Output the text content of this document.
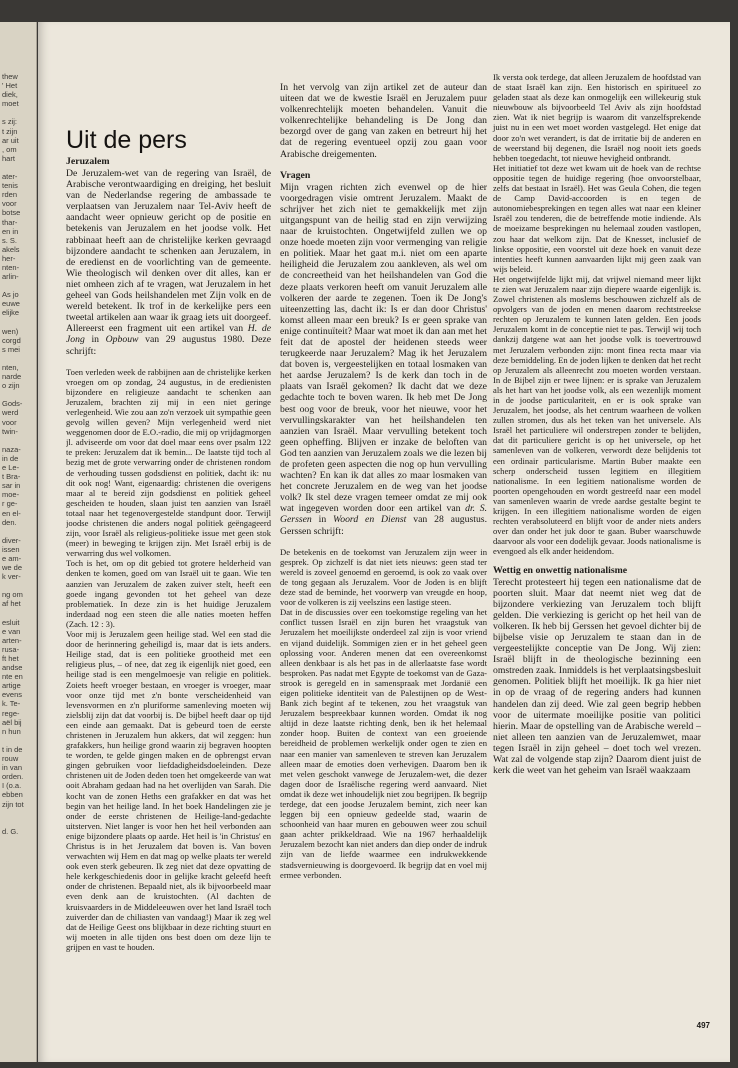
thew
' Het
diek,
moet

s zij:
t zijn
ar uit
, om
hart

ater-
tenis
rden
voor
botse
thar-
en in
s. S.
akels
her-
nten-
arlin-

As jo
euwe
elijke

wen)
corgd
s mei

nten,
narde
o zijn

Gods-
werd
voor
twin-

naza-
in de
e Le-
t Bra-
sar in
moe-
r ge-
en el-
den.

diver-
issen
e am-
we de
k ver-

ng om
af het

esluit
e van
arten-
rusa-
ft het
andse
nte en
artige
evens
k. Te-
rege-
aël bij
n hun

t in de
rouw
in van
orden.
I (o.a.
ebben
zijn tot

d. G.
Uit de pers
Jeruzalem

De Jeruzalem-wet van de regering van Israël, de Arabische verontwaardiging en dreiging, het besluit van de Nederlandse regering de ambassade te verplaatsen van Jeruzalem naar Tel-Aviv heeft de aandacht weer opnieuw gericht op de positie en betekenis van Jeruzalem en het joodse volk. Het rabbinaat heeft aan de christelijke kerken gevraagd bijzondere aandacht te schenken aan Jeruzalem, in de eredienst en de voorlichting van de gemeente. Wie theologisch wil denken over dit alles, kan er niet omheen zich af te vragen, wat Jeruzalem in het geheel van Gods heilshandelen met Zijn volk en de wereld betekent. Ik trof in de kerkelijke pers een tweetal artikelen aan waar ik graag iets uit doorgeef. Allereerst een fragment uit een artikel van H. de Jong in Opbouw van 29 augustus 1980. Deze schrijft:

Toen verleden week de rabbijnen aan de christelijke kerken vroegen om op zondag, 24 augustus, in de eredienisten bijzondere en religieuze aandacht te schenken aan Jeruzalem, brachten zij mij in een niet geringe verlegenheid. Wie zou aan zo'n verzoek uit sympathie geen gevolg willen geven? Mijn verlegenheid werd niet weggenomen door de E.O.-radio, die mij op vrijdagmorgen jl. adviseerde om voor dat doel maar eens over psalm 122 te preken: Jeruzalem dat ik bemin... De laatste tijd toch al bezig met de grote verwarring onder de christenen rondom de verhouding tussen godsdienst en politiek, dacht ik: nu dit ook nog! Want, eigenaardig: christenen die overigens maar al te bereid zijn godsdienst en politiek geheel gescheiden te houden, slaan juist ten aanzien van Israël totaal naar het tegenovergestelde standpunt door. Terwijl joodse christenen die anders nogal politiek geëngageerd zijn, voor Israël als religieus-politieke issue met geen stok (meer) in beweging te krijgen zijn. Met Israël erbij is de verwarring dus wel volkomen.

Toch is het, om op dit gebied tot grotere helderheid van denken te komen, goed om van Israël uit te gaan. Wie ten aanzien van Jeruzalem de zaken zuiver stelt, heeft een goede ingang gevonden tot het geheel van deze problematiek. In deze zin is het huidige Jeruzalem inderdaad nog een steen die alle naties moeten heffen (Zach. 12 : 3).

Voor mij is Jeruzalem geen heilige stad. Wel een stad die door de herinnering geheiligd is, maar dat is iets anders. Heilige stad, dat is een politieke grootheid met een religieus plus, – of nee, dat zeg ik eigenlijk niet goed, een heilige stad is een mengelmoesje van religie en politiek. Zoiets heeft vroeger bestaan, en vroeger is vroeger, maar voor onze tijd met z'n bonte verscheidenheid van levensvormen en z'n pluriforme samenleving moeten wij zielsblij zijn dat dat voorbij is. De bijbel heeft daar op tijd een einde aan gemaakt. Dat is gebeurd toen de eerste christenen in Jeruzalem hun akkers, dat wil zeggen: hun grafakkers, hun heilige grond waarin zij begraven hoopten te worden, te gelde gingen maken en de opbrengst ervan gingen gebruiken voor liefdadigheidsdoeleinden. Deze christenen uit de Joden deden toen het omgekeerde van wat ooit Abraham gedaan had na het overlijden van Sarah. Die kocht van de zonen Heths een grafakker en dat was het begin van het heilige land. In het boek Handelingen zie je onder de eerste christenen de Heilige-land-gedachte uitsterven. Niet langer is voor hen het heil verbonden aan enige bijzondere plaats op aarde. Het heil is 'in Christus' en Christus is in het Jeruzalem dat boven is. Van boven verwachten wij Hem en dat mag op welke plaats ter wereld ook even sterk gebeuren. Ik zeg niet dat deze opvatting de hele kerkgeschiedenis door in gelijke kracht geleefd heeft onder de christenen. Bepaald niet, als ik bijvoorbeeld maar even denk aan de kruistochten. (Al dachten de kruisvaarders in de Middeleeuwen over het land Israël toch zuiverder dan de chiliasten van vandaag!) Maar ik zeg wel dat de Heilige Geest ons blijkbaar in deze richting stuurt en wij moeten in alle tijden ons best doen om deze lijn te grijpen en vast te houden.

Ik versta ook terdege, dat alleen Jeruzalem de hoofdstad van de staat Israël kan zijn. Een historisch en spiritueel zo geladen staat als deze kan onmogelijk een willekeurig stuk nieuwbouw als bijvoorbeeld Tel Aviv als zijn hoofdstad zien. Wat ik niet begrijp is waarom dit vanzelfsprekende juist nu in een wet moet worden vastgelegd. Het enige dat door zo'n wet verandert, is dat de irritatie bij de anderen en de weerstand bij degenen, die Israël nog nooit iets goeds hebben toegedacht, tot nieuwe hevigheid ontbrandt.

Het initiatief tot deze wet kwam uit de hoek van de rechtse oppositie tegen de huidige regering (hoe onvoorstelbaar, zelfs dat bestaat in Israël). Het was Geula Cohen, die tegen de Camp David-accoorden is en tegen de autonomiebesprekingen en tegen alles wat naar een kleiner Israël zou tenderen, die de betreffende motie indiende. Als de moeizame besprekingen nu helemaal zouden vastlopen, zou haar dat welkom zijn. Dat de Knesset, inclusief de linkse oppositie, een voorstel uit deze hoek en vanuit deze intenties heeft kunnen aanvaarden lijkt mij geen zaak van wijs beleid.

Het ongetwijfelde lijkt mij, dat vrijwel niemand meer lijkt te zien wat Jeruzalem naar zijn diepere waarde eigenlijk is. Zowel christenen als moslems beschouwen zichzelf als de opvolgers van de joden en menen daarom rechtstreekse rechten op Jeruzalem te kunnen laten gelden. Een joods Jeruzalem komt in de conceptie niet te pas. Terwijl wij toch dankzij datgene wat aan het joodse volk is toevertrouwd met Jeruzalem verbonden zijn: mont finea recta maar via deze bemiddeling. En de joden lijken te denken dat het recht op Jeruzalem als alleenrecht zou moeten worden verstaan. In de Bijbel zijn er twee lijnen: er is sprake van Jeruzalem als het hart van het joodse volk, als een wezenlijk moment in de joodse particulariteit, en er is ook sprake van Jeruzalem, het joodse, als het centrum waarheen de volken zullen stromen, dus als het teken van het universele. Als Israël het particuliere wil onderstrepen zonder te belijden, dat dit particuliere gericht is op het universele, op het samenleven van de volkeren, verwordt deze belijdenis tot een ordinair particularisme. Martin Buber maakte een scherp onderscheid tussen legitiem en illegitiem nationalisme. In een legitiem nationalisme worden de poorten opengehouden en wordt gestreefd naar een model van samenleven waarin de vrede aardse gestalte begint te krijgen. In een illegitiem nationalisme worden de eigen rechten verabsoluteerd en blijft voor de ander niets anders over dan onder het juk door te gaan. Buber waarschuwde daarvoor als voor een dodelijk gevaar. Joods nationalisme is evengoed als elk ander heidendom.

Wettig en onwettig nationalisme

Terecht protesteert hij tegen een nationalisme dat de poorten sluit. Maar dat neemt niet weg dat de bijzondere verkiezing van Jeruzalem toch blijft gelden. Die verkiezing is gericht op het heil van de volkeren. Ik heb bij Gerssen het gevoel dichter bij de bijbelse visie op Jeruzalem te staan dan in de vergeestelijkte conceptie van De Jong. Wij zien: Israël blijft in de theologische bezinning een omstreden zaak. Inmiddels is het verplaatsingsbesluit genomen. Politiek blijft het moeilijk. Ik ga hier niet in op de vraag of de regering anders had kunnen handelen dan zij deed. Wie zal geen begrip hebben voor de uitermate moeilijke positie van politici hierin. Maar de opstelling van de Arabische wereld – niet alleen ten aanzien van de Jeruzalemwet, maar tegen Israël in zijn geheel – doet toch wel vrezen. Wat zal de volgende stap zijn? Daarom dient juist de kerk die weet van het geheim van Israël waakzaam

In het vervolg van zijn artikel zet de auteur dan uiteen dat we de kwestie Israël en Jeruzalem puur volkenrechtelijk moeten behandelen. Vanuit die volkenrechtelijke behandeling is De Jong dan bezorgd over de gang van zaken en betreurt hij het dat de regering eventueel opzij zou gaan voor Arabische dreigementen.

Vragen

Mijn vragen richten zich evenwel op de hier voorgedragen visie omtrent Jeruzalem. Maakt de schrijver het zich niet te gemakkelijk met zijn uitgangspunt van de heilig stad en zijn verwijzing naar de kruistochten. Ongetwijfeld zullen we op onze hoede moeten zijn voor vermenging van religie en politiek. Maar het gaat m.i. niet om een aparte heiligheid die Jeruzalem zou aankleven, als wel om de concreetheid van het heilshandelen van God die deze plaats verkoren heeft om vanuit Jeruzalem alle volkeren der aarde te zegenen. Toen ik De Jong's uiteenzetting las, dacht ik: Is er dan door Christus' komst alleen maar een breuk? Is er geen sprake van enige continuïteit? Maar wat moet ik dan aan met het feit dat de apostel der heidenen steeds weer terugkeerde naar Jeruzalem? Mag ik het Jeruzalem dat boven is, vergeestelijken en totaal losmaken van het aardse Jeruzalem? Is de kerk dan toch in de plaats van Israël gekomen? Ik dacht dat we deze gedachte toch te boven waren. Ik heb met De Jong best oog voor de breuk, voor het nieuwe, voor het vervullingskarakter van het heilshandelen ten aanzien van Israël. Maar vervulling betekent toch geen opheffing. Blijven er inzake de beloften van God ten aanzien van Jeruzalem zoals we die lezen bij de profeten geen aspecten die nog op hun vervulling wachten? En kan ik dat alles zo maar losmaken van het concrete Jeruzalem en de weg van het joodse volk? Ik stel deze vragen temeer omdat ze mij ook wat ingegeven worden door een artikel van dr. S. Gerssen in Woord en Dienst van 28 augustus. Gerssen schrijft:

De betekenis en de toekomst van Jeruzalem zijn weer in gesprek. Op zichzelf is dat niet iets nieuws: geen stad ter wereld is zoveel genoemd en geroemd, is ook zo vaak over de tong gegaan als Jeruzalem. Voor de Joden is en blijft deze stad de beminde, het voorwerp van vreugde en hoop, voor de volkeren is zij veelszins een lastige steen.

Dat in de discussies over een toekomstige regeling van het conflict tussen Israël en zijn buren het vraagstuk van Jeruzalem het moeilijkste onderdeel zal zijn is voor vriend en vijand duidelijk. Sommigen zien er in het geheel geen oplossing voor. Anderen menen dat een overeenkomst alleen denkbaar is als het pas in de allerlaatste fase wordt besproken. Pas nadat met Egypte de toekomst van de Gaza-strook is geregeld en in samenspraak met Jordanië een eigen politieke identiteit van de Palestijnen op de West-Bank zich begint af te tekenen, zou het vraagstuk van Jeruzalem bespreekbaar kunnen worden. Omdat ik nog altijd in deze laatste richting denk, ben ik het helemaal zonder hoop. Buiten de context van een groeiende bereidheid de problemen werkelijk onder ogen te zien en naar een manier van samenleven te streven kan Jeruzalem alleen maar de emoties doen verhevigen. Daarom ben ik met velen geschokt vanwege de Jeruzalem-wet, die dezer dagen door de Israëlische regering werd aanvaard. Niet omdat ik deze wet inhoudelijk niet zou begrijpen. Ik begrijp terdege, dat een joodse Jeruzalem bemint, zich neer kan leggen bij een opnieuw gedeelde stad, waarin de schoonheid van haar muren en gebouwen weer zou schuil gaan achter prikkeldraad. Wie na 1967 herhaaldelijk Jeruzalem bezocht kan niet anders dan diep onder de indruk zijn van de liefde waarmee een indrukwekkende stadsvernieuwing is doorgevoerd. Ik begrijp dat en voel mij ermee verbonden.

497
